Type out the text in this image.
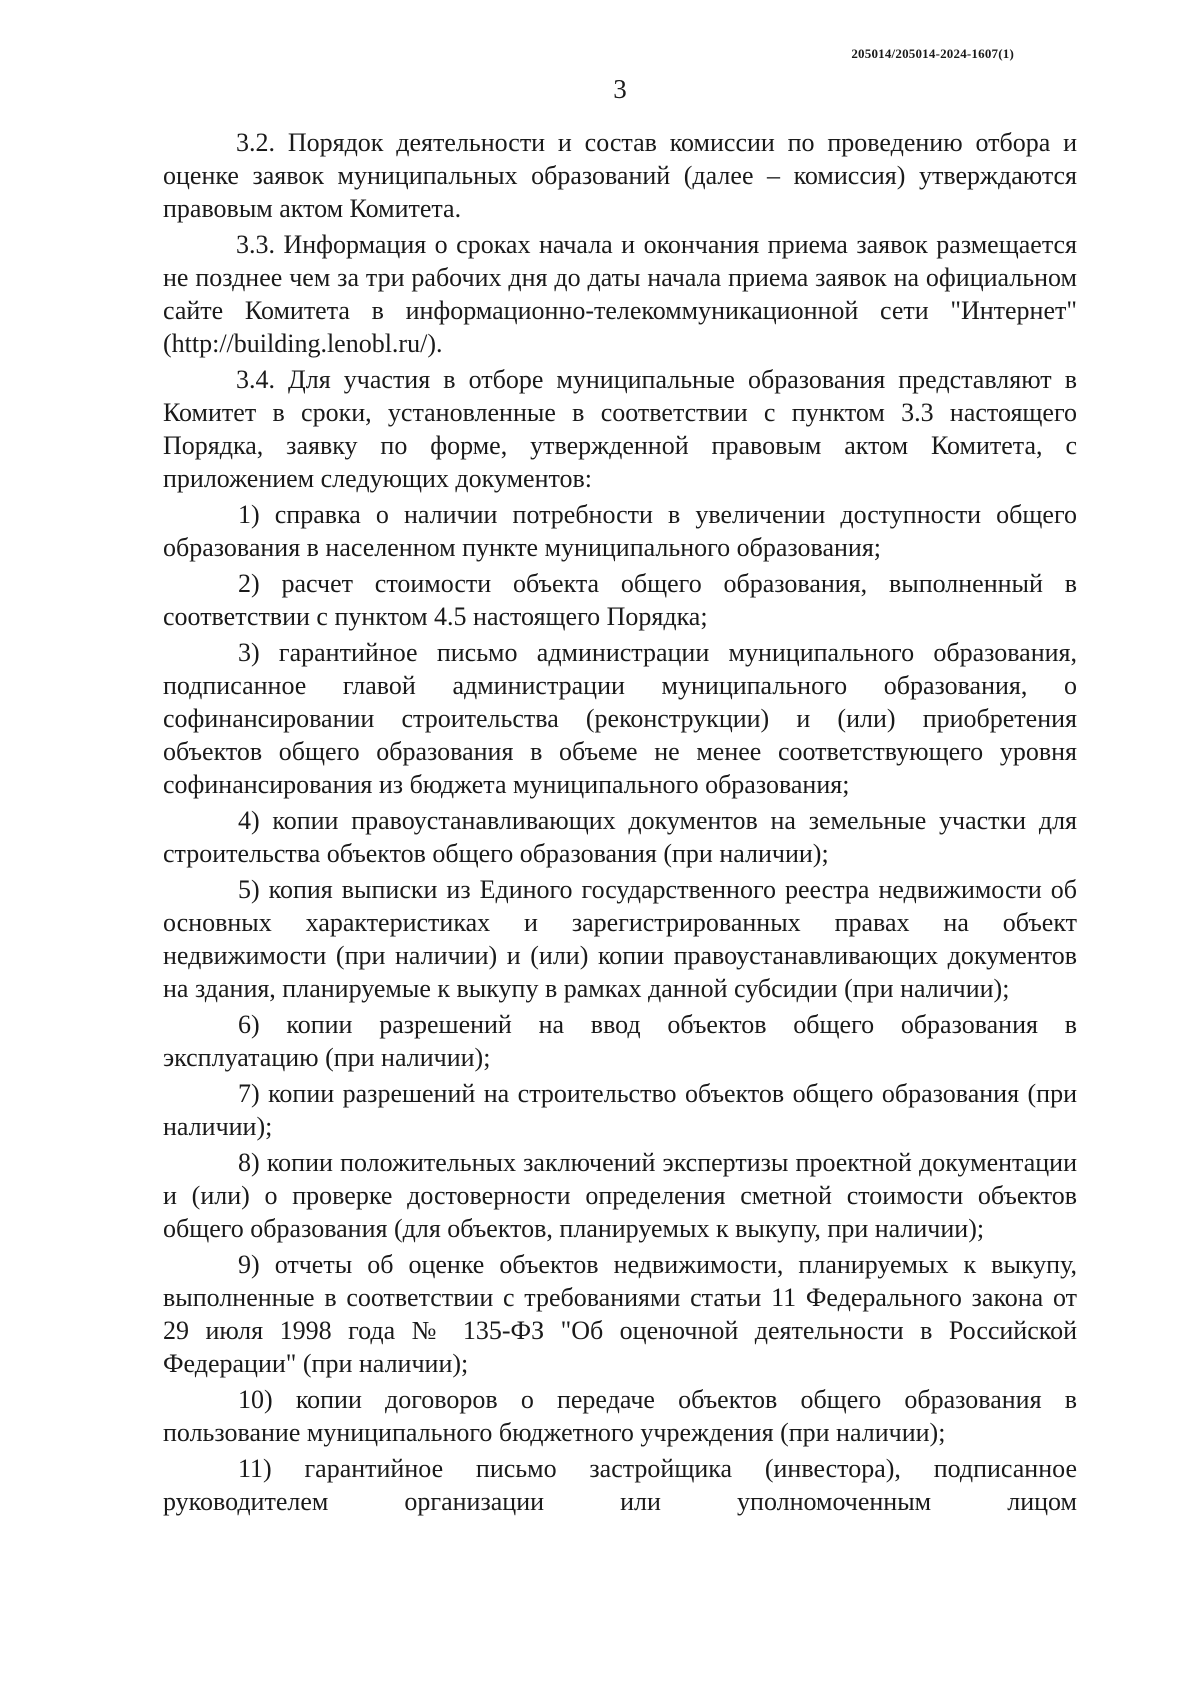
205014/205014-2024-1607(1)
3

3.2. Порядок деятельности и состав комиссии по проведению отбора и оценке заявок муниципальных образований (далее – комиссия) утверждаются правовым актом Комитета.

3.3. Информация о сроках начала и окончания приема заявок размещается не позднее чем за три рабочих дня до даты начала приема заявок на официальном сайте Комитета в информационно-телекоммуникационной сети "Интернет" (http://building.lenobl.ru/).

3.4. Для участия в отборе муниципальные образования представляют в Комитет в сроки, установленные в соответствии с пунктом 3.3 настоящего Порядка, заявку по форме, утвержденной правовым актом Комитета, с приложением следующих документов:

1) справка о наличии потребности в увеличении доступности общего образования в населенном пункте муниципального образования;

2) расчет стоимости объекта общего образования, выполненный в соответствии с пунктом 4.5 настоящего Порядка;

3) гарантийное письмо администрации муниципального образования, подписанное главой администрации муниципального образования, о софинансировании строительства (реконструкции) и (или) приобретения объектов общего образования в объеме не менее соответствующего уровня софинансирования из бюджета муниципального образования;

4) копии правоустанавливающих документов на земельные участки для строительства объектов общего образования (при наличии);

5) копия выписки из Единого государственного реестра недвижимости об основных характеристиках и зарегистрированных правах на объект недвижимости (при наличии) и (или) копии правоустанавливающих документов на здания, планируемые к выкупу в рамках данной субсидии (при наличии);

6) копии разрешений на ввод объектов общего образования в эксплуатацию (при наличии);

7) копии разрешений на строительство объектов общего образования (при наличии);

8) копии положительных заключений экспертизы проектной документации и (или) о проверке достоверности определения сметной стоимости объектов общего образования (для объектов, планируемых к выкупу, при наличии);

9) отчеты об оценке объектов недвижимости, планируемых к выкупу, выполненные в соответствии с требованиями статьи 11 Федерального закона от 29 июля 1998 года № 135-ФЗ "Об оценочной деятельности в Российской Федерации" (при наличии);

10) копии договоров о передаче объектов общего образования в пользование муниципального бюджетного учреждения (при наличии);

11) гарантийное письмо застройщика (инвестора), подписанное руководителем организации или уполномоченным лицом
